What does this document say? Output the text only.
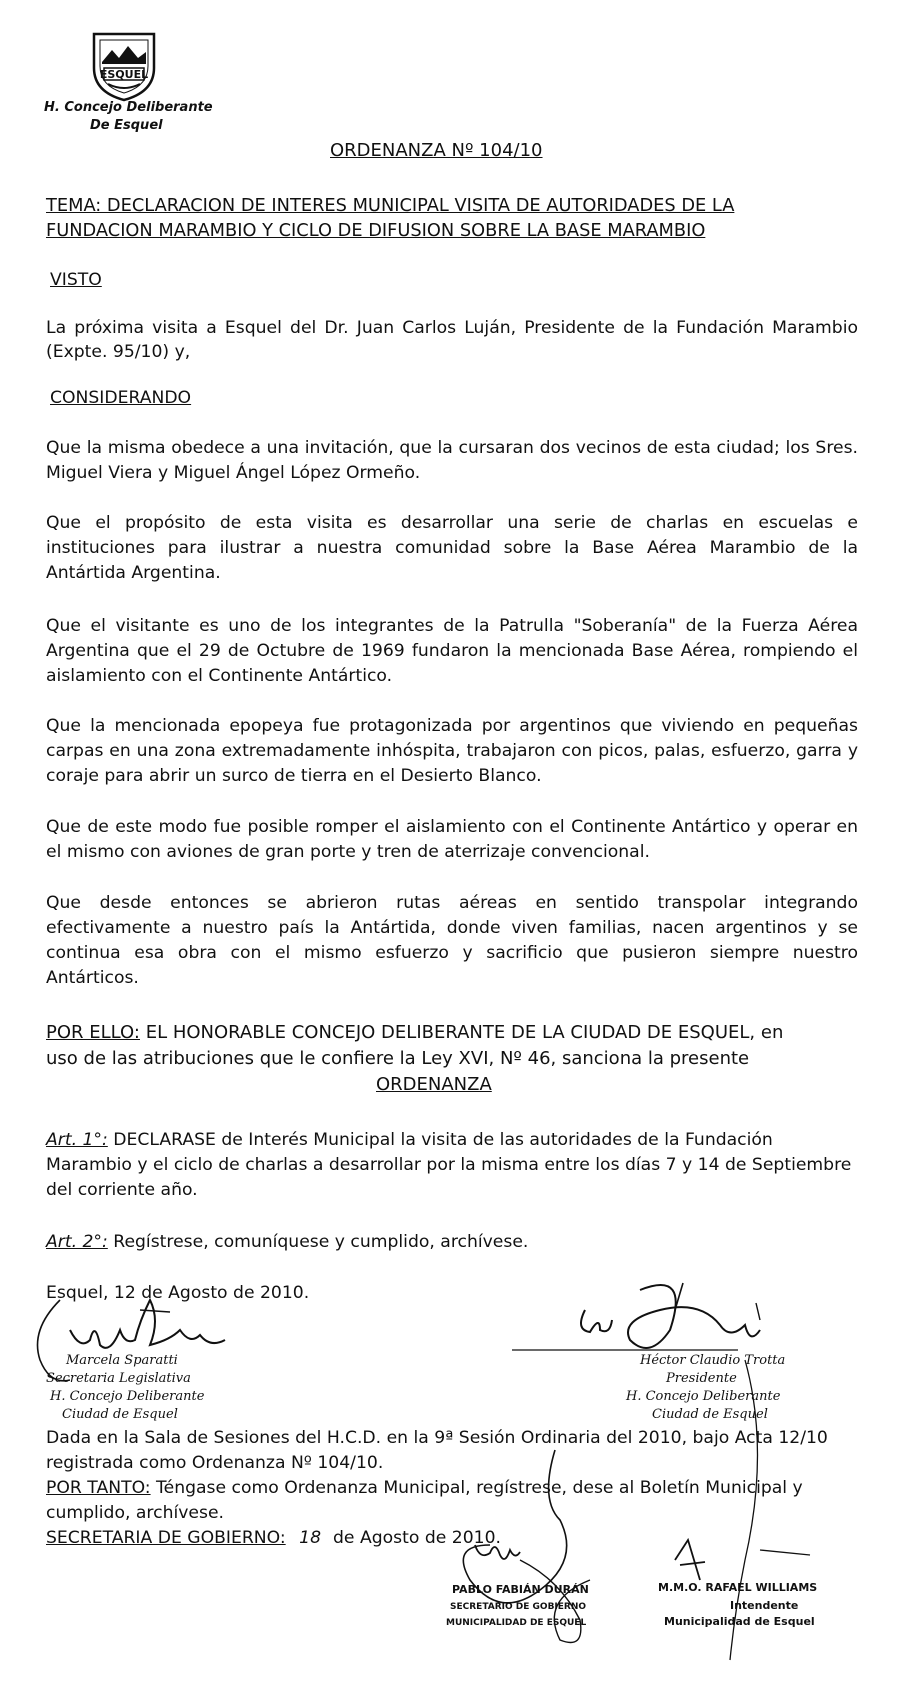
ESQUEL
H. Concejo Deliberante
De Esquel
ORDENANZA Nº 104/10
TEMA: DECLARACION DE INTERES MUNICIPAL VISITA DE AUTORIDADES DE LA
FUNDACION MARAMBIO Y CICLO DE DIFUSION SOBRE LA BASE MARAMBIO
VISTO
La próxima visita a Esquel del Dr. Juan Carlos Luján, Presidente de la Fundación Marambio
(Expte. 95/10) y,
CONSIDERANDO
Que la misma obedece a una invitación, que la cursaran dos vecinos de esta ciudad; los Sres.
Miguel Viera y Miguel Ángel López Ormeño.
Que el propósito de esta visita es desarrollar una serie de charlas en escuelas e
instituciones para ilustrar a nuestra comunidad sobre la Base Aérea Marambio de la
Antártida Argentina.
Que el visitante es uno de los integrantes de la Patrulla "Soberanía" de la Fuerza Aérea
Argentina que el 29 de Octubre de 1969 fundaron la mencionada Base Aérea, rompiendo el
aislamiento con el Continente Antártico.
Que la mencionada epopeya fue protagonizada por argentinos que viviendo en pequeñas
carpas en una zona extremadamente inhóspita, trabajaron con picos, palas, esfuerzo, garra y
coraje para abrir un surco de tierra en el Desierto Blanco.
Que de este modo fue posible romper el aislamiento con el Continente Antártico y operar en
el mismo con aviones de gran porte y tren de aterrizaje convencional.
Que desde entonces se abrieron rutas aéreas en sentido transpolar integrando
efectivamente a nuestro país la Antártida, donde viven familias, nacen argentinos y se
continua esa obra con el mismo esfuerzo y sacrificio que pusieron siempre nuestro
Antárticos.
POR ELLO: EL HONORABLE CONCEJO DELIBERANTE DE LA CIUDAD DE ESQUEL, en
uso de las atribuciones que le confiere la Ley XVI, Nº 46, sanciona la presente
ORDENANZA
Art. 1°: DECLARASE de Interés Municipal la visita de las autoridades de la Fundación
Marambio y el ciclo de charlas a desarrollar por la misma entre los días 7 y 14 de Septiembre
del corriente año.
Art. 2°: Regístrese, comuníquese y cumplido, archívese.
Esquel, 12 de Agosto de 2010.
Marcela Sparatti
Secretaria Legislativa
H. Concejo Deliberante
Ciudad de Esquel
Héctor Claudio Trotta
Presidente
H. Concejo Deliberante
Ciudad de Esquel
Dada en la Sala de Sesiones del H.C.D. en la 9ª Sesión Ordinaria del 2010, bajo Acta 12/10
registrada como Ordenanza Nº 104/10.
POR TANTO: Téngase como Ordenanza Municipal, regístrese, dese al Boletín Municipal y
cumplido, archívese.
SECRETARIA DE GOBIERNO: 18 de Agosto de 2010.
PABLO FABIÁN DURÁN
SECRETARIO DE GOBIERNO
MUNICIPALIDAD DE ESQUEL
M.M.O. RAFAEL WILLIAMS
Intendente
Municipalidad de Esquel
